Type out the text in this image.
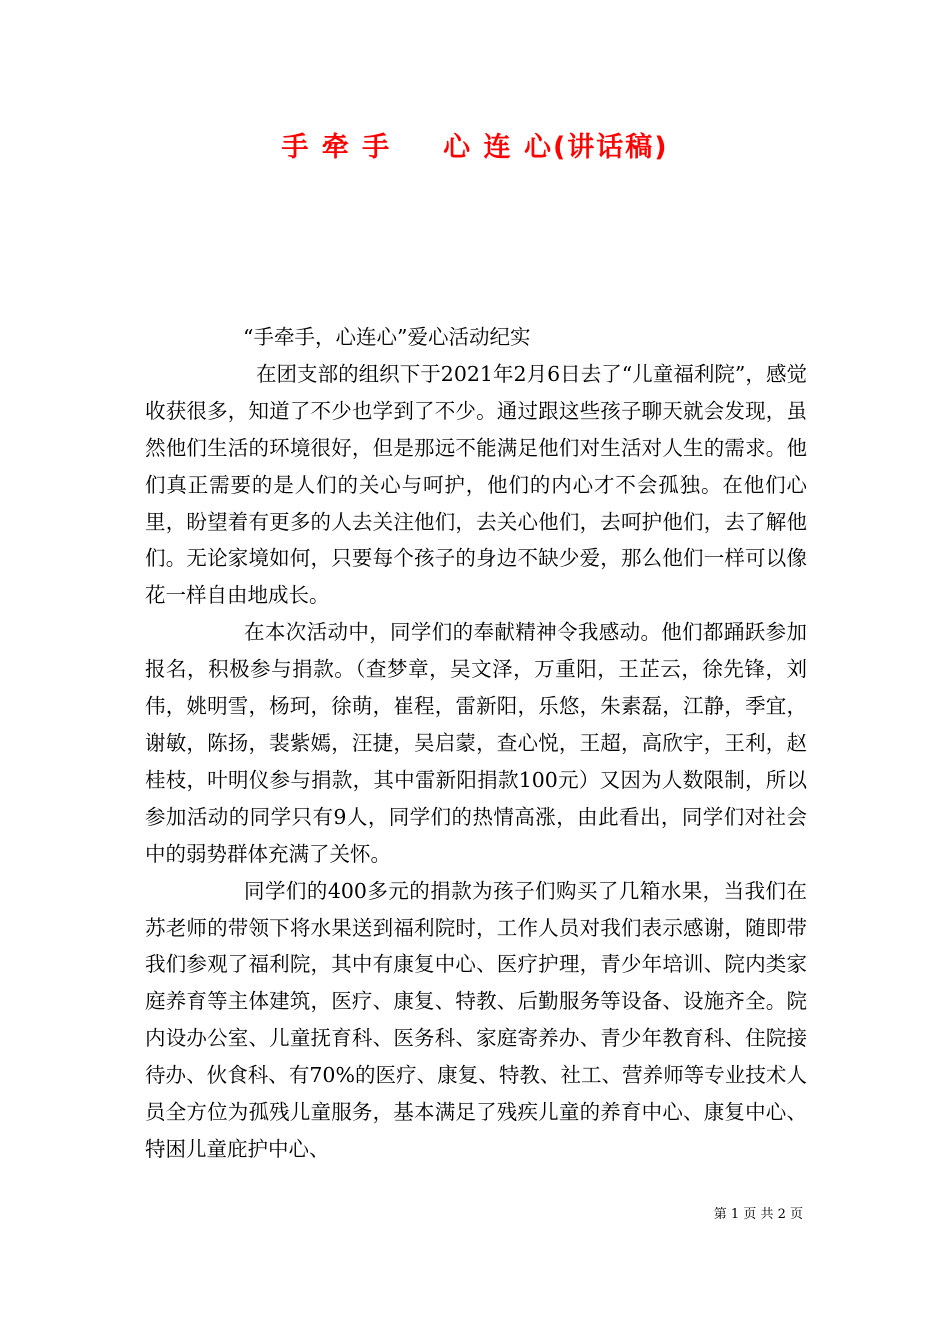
手 牵 手 心 连 心(讲话稿)

“手牵手，心连心”爱心活动纪实

在团支部的组织下于2021年2月6日去了“儿童福利院”，感觉收获很多，知道了不少也学到了不少。通过跟这些孩子聊天就会发现，虽然他们生活的环境很好，但是那远不能满足他们对生活对人生的需求。他们真正需要的是人们的关心与呵护，他们的内心才不会孤独。在他们心里，盼望着有更多的人去关注他们，去关心他们，去呵护他们，去了解他们。无论家境如何，只要每个孩子的身边不缺少爱，那么他们一样可以像花一样自由地成长。

在本次活动中，同学们的奉献精神令我感动。他们都踊跃参加报名，积极参与捐款。（查梦章，吴文泽，万重阳，王芷云，徐先锋，刘伟，姚明雪，杨珂，徐萌，崔程，雷新阳，乐悠，朱素磊，江静，季宜，谢敏，陈扬，裴紫嫣，汪捷，吴启蒙，查心悦，王超，高欣宇，王利，赵桂枝，叶明仪参与捐款，其中雷新阳捐款100元）又因为人数限制，所以参加活动的同学只有9人，同学们的热情高涨，由此看出，同学们对社会中的弱势群体充满了关怀。

同学们的400多元的捐款为孩子们购买了几箱水果，当我们在苏老师的带领下将水果送到福利院时，工作人员对我们表示感谢，随即带我们参观了福利院，其中有康复中心、医疗护理，青少年培训、院内类家庭养育等主体建筑，医疗、康复、特教、后勤服务等设备、设施齐全。院内设办公室、儿童抚育科、医务科、家庭寄养办、青少年教育科、住院接待办、伙食科、有70%的医疗、康复、特教、社工、营养师等专业技术人员全方位为孤残儿童服务，基本满足了残疾儿童的养育中心、康复中心、特困儿童庇护中心、

第 1 页 共 2 页
